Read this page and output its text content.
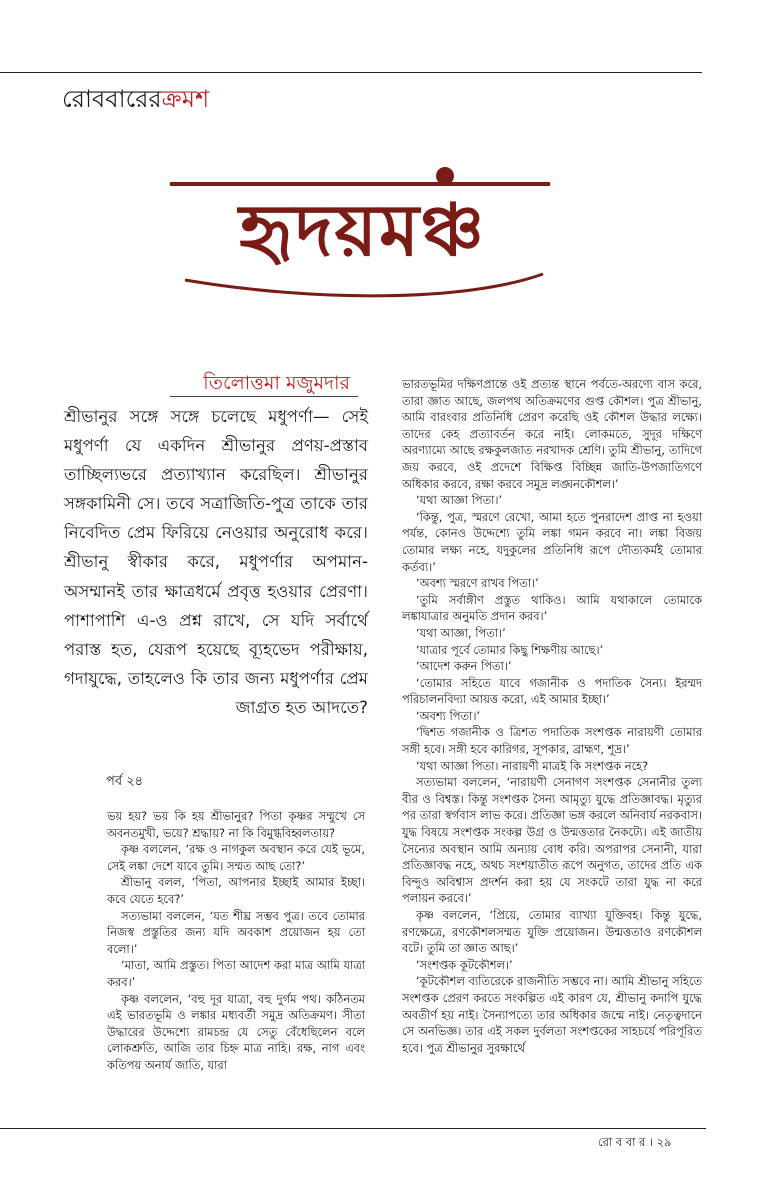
রোববারেরক্রমশ
হৃদয়মঞ্চ
তিলোত্তমা মজুমদার

শ্রীভানুর সঙ্গে সঙ্গে চলেছে মধুপর্ণা— সেই মধুপর্ণা যে একদিন শ্রীভানুর প্রণয়-প্রস্তাব তাচ্ছিল্যভরে প্রত্যাখ্যান করেছিল। শ্রীভানুর সঙ্গকামিনী সে। তবে সত্রাজিতি-পুত্র তাকে তার নিবেদিত প্রেম ফিরিয়ে নেওয়ার অনুরোধ করে। শ্রীভানু স্বীকার করে, মধুপর্ণার অপমান-অসম্মানই তার ক্ষাত্রধর্মে প্রবৃত্ত হওয়ার প্রেরণা। পাশাপাশি এ-ও প্রশ্ন রাখে, সে যদি সর্বার্থে পরাস্ত হত, যেরূপ হয়েছে ব্যূহভেদ পরীক্ষায়, গদাযুদ্ধে, তাহলেও কি তার জন্য মধুপর্ণার প্রেম জাগ্রত হত আদতে?

পর্ব ২৪

ভয় হয়? ভয় কি হয় শ্রীভানুর? পিতা কৃষ্ণর সম্মুখে সে অবনতমুখী, ভয়ে? শ্রদ্ধায়? না কি বিমুগ্ধবিহ্বলতায়?

কৃষ্ণ বললেন, ‘রক্ষ ও নাগকুল অবস্থান করে যেই ভূমে, সেই লঙ্কা দেশে যাবে তুমি। সম্মত আছ তো?’

শ্রীভানু বলল, ‘পিতা, আপনার ইচ্ছাই আমার ইচ্ছা। কবে যেতে হবে?’

সত্যভামা বললেন, ‘যত শীঘ্র সম্ভব পুত্র। তবে তোমার নিজস্ব প্রস্তুতির জন্য যদি অবকাশ প্রয়োজন হয় তো বলো।’

‘মাতা, আমি প্রস্তুত। পিতা আদেশ করা মাত্র আমি যাত্রা করব।’

কৃষ্ণ বললেন, ‘বহু দূর যাত্রা, বহু দুর্গম পথ। কঠিনতম এই ভারতভূমি ও লঙ্কার মধ্যবর্তী সমুদ্র অতিক্রমণ। সীতা উদ্ধারের উদ্দেশ্যে রামচন্দ্র যে সেতু বেঁধেছিলেন বলে লোকশ্রুতি, আজি তার চিহ্ন মাত্র নাহি। রক্ষ, নাগ এবং কতিপয় অনার্য জাতি, যারা

ভারতভূমির দক্ষিণপ্রান্তে ওই প্রত্যন্ত স্থানে পর্বতে-অরণ্যে বাস করে, তারা জ্ঞাত আছে, জলপথ অতিক্রমণের গুপ্ত কৌশল। পুত্র শ্রীভানু, আমি বারংবার প্রতিনিধি প্রেরণ করেছি ওই কৌশল উদ্ধার লক্ষ্যে। তাদের কেহ প্রত্যাবর্তন করে নাই। লোকমতে, সুদূর দক্ষিণে অরণ্যাম্যে আছে রক্ষকুলজাত নরখাদক শ্রেণি। তুমি শ্রীভানু, তাদিগে জয় করবে, ওই প্রদেশে বিক্ষিপ্ত বিচ্ছিন্ন জাতি-উপজাতিগণে অধিকার করবে, রক্ষা করবে সমুদ্র লঙ্ঘনকৌশল।’

‘যথা আজ্ঞা পিতা।’

‘কিন্তু, পুত্র, স্মরণে রেখো, আমা হতে পুনরাদেশ প্রাপ্ত না হওয়া পর্যন্ত, কোনও উদ্দেশ্যে তুমি লঙ্কা গমন করবে না। লঙ্কা বিজয় তোমার লক্ষ্য নহে, যদুকুলের প্রতিনিধি রূপে দৌত্যকর্মই তোমার কর্তব্য।’

‘অবশ্য স্মরণে রাখব পিতা।’

‘তুমি সর্বাঙ্গীণ প্রস্তুত থাকিও। আমি যথাকালে তোমাকে লঙ্কাযাত্রার অনুমতি প্রদান করব।’

‘যথা আজ্ঞা, পিতা।’

‘যাত্রার পূর্বে তোমার কিছু শিক্ষণীয় আছে।’

‘আদেশ করুন পিতা।’

‘তোমার সহিতে যাবে গজানীক ও পদাতিক সৈন্য। ইরম্মদ পরিচালনবিদ্যা আয়ত্ত করো, এই আমার ইচ্ছা।’

‘অবশ্য পিতা।’

‘দ্বিশত গজানীক ও ত্রিশত পদাতিক সংশপ্তক নারায়ণী তোমার সঙ্গী হবে। সঙ্গী হবে কারিগর, সূপকার, ব্রাহ্মণ, শূদ্র।’

‘যথা আজ্ঞা পিতা। নারায়ণী মাত্রই কি সংশপ্তক নহে?

সত্যভামা বললেন, ‘নারায়ণী সেনাগণ সংশপ্তক সেনানীর তুল্য বীর ও বিশ্বস্ত। কিন্তু সংশপ্তক সৈন্য আমৃত্যু যুদ্ধে প্রতিজ্ঞাবদ্ধ। মৃত্যুর পর তারা স্বর্গবাস লাভ করে। প্রতিজ্ঞা ভঙ্গ করলে অনিবার্য নরকবাস। যুদ্ধ বিষয়ে সংশপ্তক সংকল্প উগ্র ও উন্মত্ততার নৈকট্যে। এই জাতীয় সৈন্যের অবস্থান আমি অন্যায় বোধ করি। অপরাপর সেনানী, যারা প্রতিজ্ঞাবদ্ধ নহে, অথচ সংশয়াতীত রূপে অনুগত, তাদের প্রতি এক বিন্দুও অবিশ্বাস প্রদর্শন করা হয় যে সংকটে তারা যুদ্ধ না করে পলায়ন করবে।’

কৃষ্ণ বললেন, ‘প্রিয়ে, তোমার ব্যাখ্যা যুক্তিবহ। কিন্তু যুদ্ধে, রণক্ষেত্রে, রণকৌশলসম্মত যুক্তি প্রয়োজন। উন্মত্ততাও রণকৌশল বটে। তুমি তা জ্ঞাত আছ।’

‘সংশপ্তক কূটকৌশল।’

‘কূটকৌশল ব্যতিরেকে রাজনীতি সম্ভবে না। আমি শ্রীভানু সহিতে সংশপ্তক প্রেরণ করতে সংকল্পিত এই কারণ যে, শ্রীভানু কদাপি যুদ্ধে অবতীর্ণ হয় নাই। সৈন্যাপত্যে তার অধিকার জন্মে নাই। নেতৃত্বদানে সে অনভিজ্ঞ। তার এই সকল দুর্বলতা সংশপ্তকের সাহচর্যে পরিপূরিত হবে। পুত্র শ্রীভানুর সুরক্ষার্থে

রো ব বা র । ২৯
